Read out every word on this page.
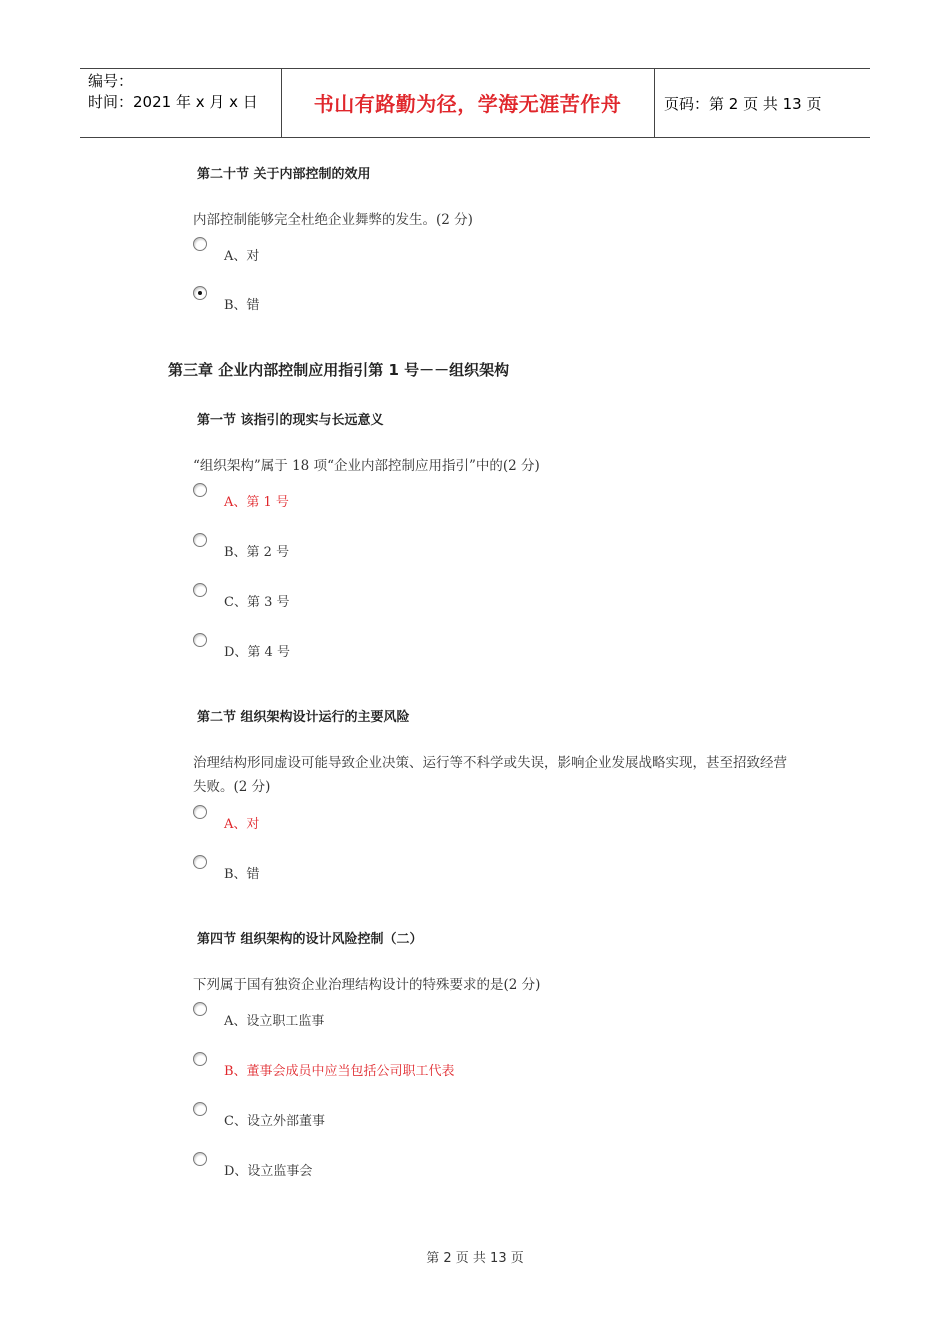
编号：
时间：2021 年 x 月 x 日	书山有路勤为径，学海无涯苦作舟	页码：第 2 页 共 13 页
第二十节 关于内部控制的效用
内部控制能够完全杜绝企业舞弊的发生。(2 分)
A、对
B、错
第三章 企业内部控制应用指引第 1 号－－组织架构
第一节 该指引的现实与长远意义
“组织架构”属于 18 项“企业内部控制应用指引”中的(2 分)
A、第 1 号
B、第 2 号
C、第 3 号
D、第 4 号
第二节 组织架构设计运行的主要风险
治理结构形同虚设可能导致企业决策、运行等不科学或失误，影响企业发展战略实现，甚至招致经营失败。(2 分)
A、对
B、错
第四节 组织架构的设计风险控制（二）
下列属于国有独资企业治理结构设计的特殊要求的是(2 分)
A、设立职工监事
B、董事会成员中应当包括公司职工代表
C、设立外部董事
D、设立监事会
第 2 页 共 13 页
